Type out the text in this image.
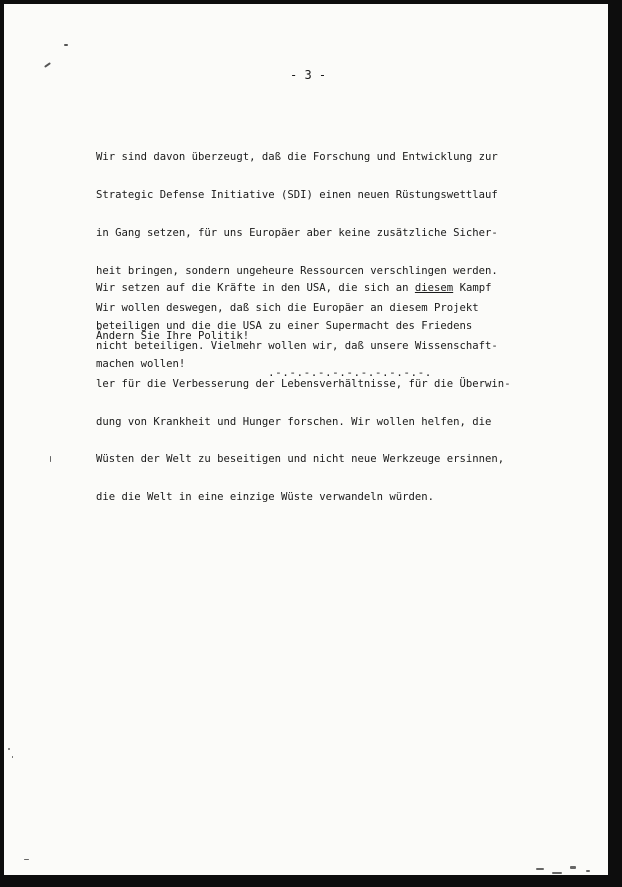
- 3 -

Wir sind davon überzeugt, daß die Forschung und Entwicklung zur

Strategic Defense Initiative (SDI) einen neuen Rüstungswettlauf

in Gang setzen, für uns Europäer aber keine zusätzliche Sicher-

heit bringen, sondern ungeheure Ressourcen verschlingen werden.

Wir wollen deswegen, daß sich die Europäer an diesem Projekt

nicht beteiligen. Vielmehr wollen wir, daß unsere Wissenschaft-

ler für die Verbesserung der Lebensverhältnisse, für die Überwin-

dung von Krankheit und Hunger forschen. Wir wollen helfen, die

Wüsten der Welt zu beseitigen und nicht neue Werkzeuge ersinnen,

die die Welt in eine einzige Wüste verwandeln würden.

Wir setzen auf die Kräfte in den USA, die sich an diesem Kampf

beteiligen und die die USA zu einer Supermacht des Friedens

machen wollen!

Ändern Sie Ihre Politik!

.-.-.-.-.-.-.-.-.-.-.-.
